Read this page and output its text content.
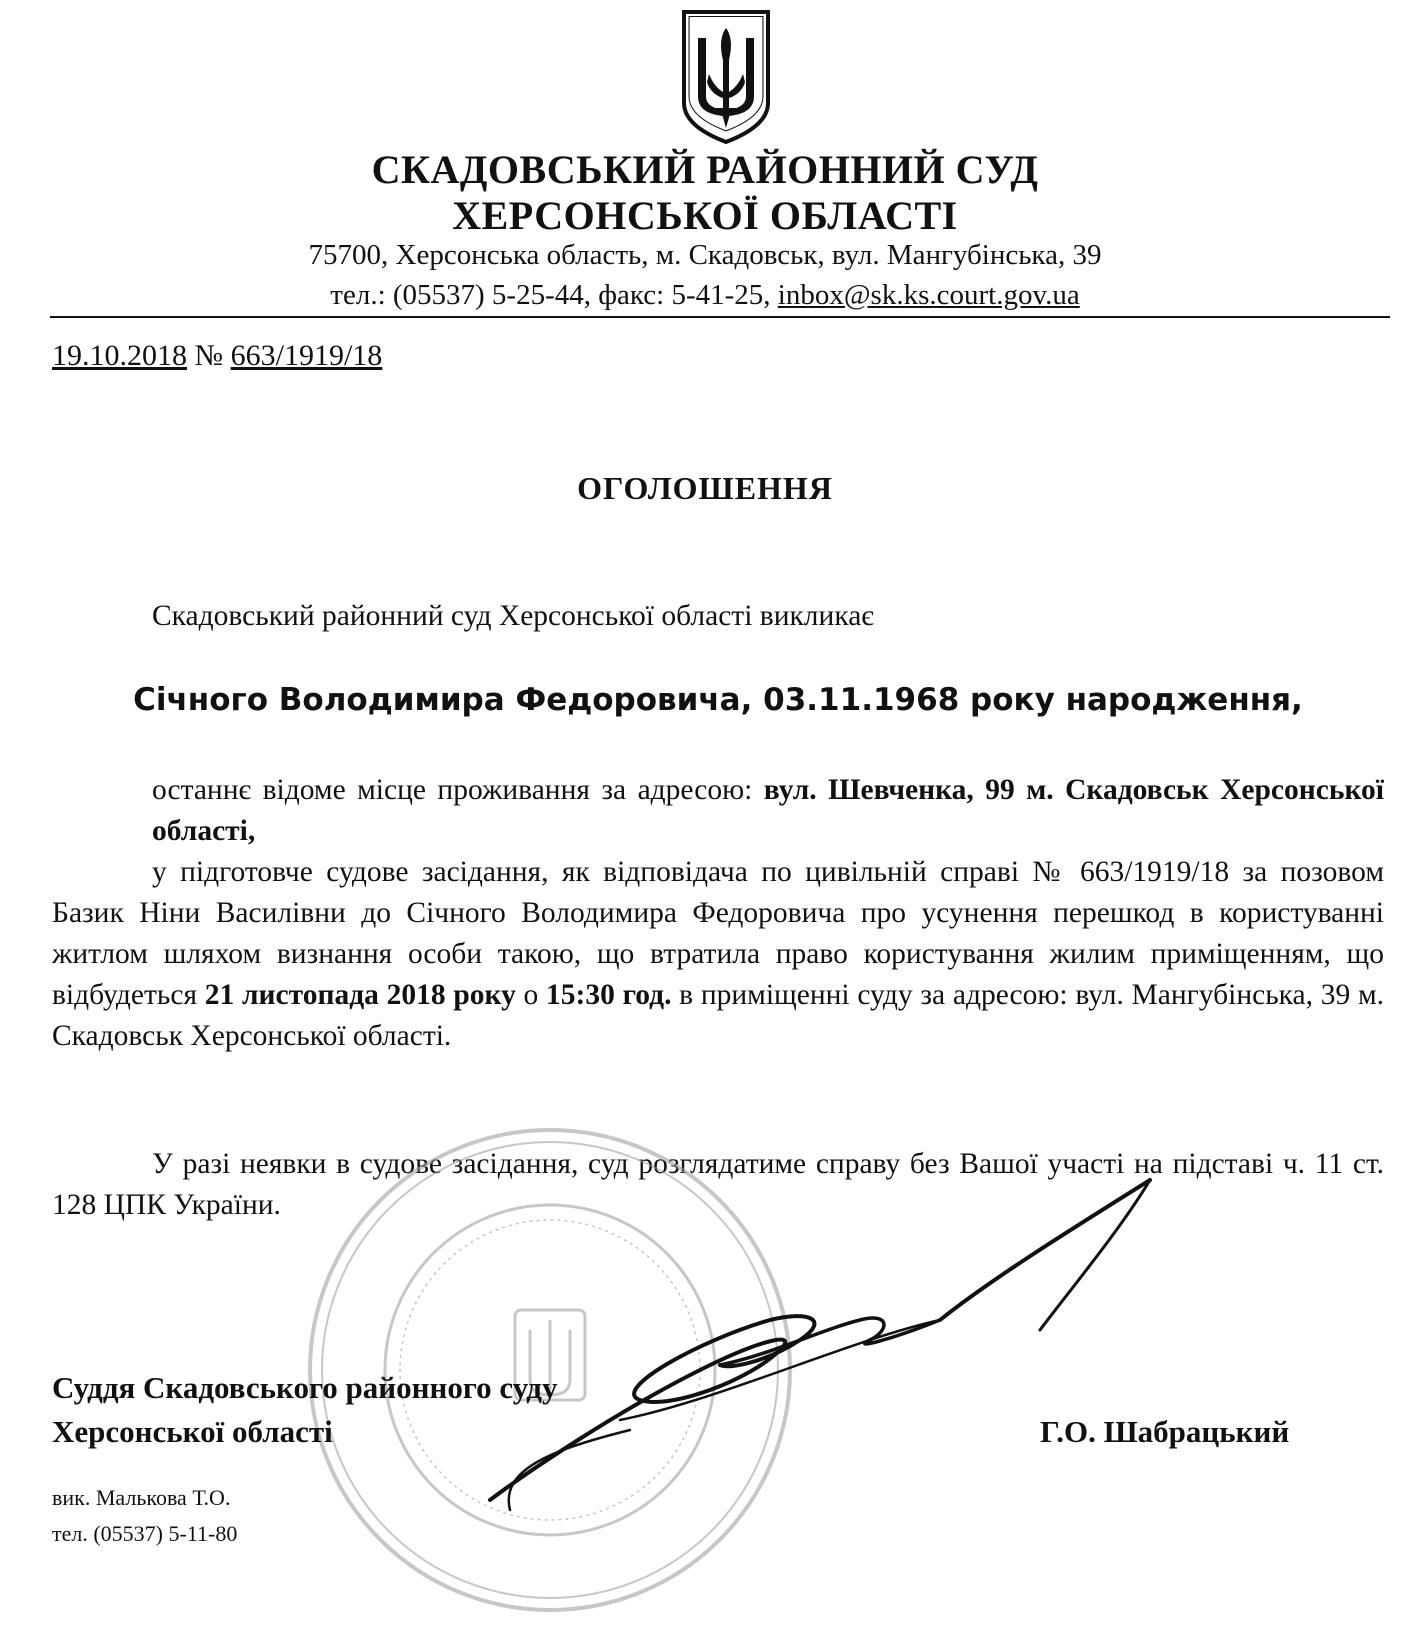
СКАДОВСЬКИЙ РАЙОННИЙ СУД
ХЕРСОНСЬКОЇ ОБЛАСТІ
75700, Херсонська область, м. Скадовськ, вул. Мангубінська, 39
тел.: (05537) 5-25-44, факс: 5-41-25, inbox@sk.ks.court.gov.ua
19.10.2018 № 663/1919/18
ОГОЛОШЕННЯ
Скадовський районний суд Херсонської області викликає
Січного Володимира Федоровича, 03.11.1968 року народження,
останнє відоме місце проживання за адресою: вул. Шевченка, 99 м. Скадовськ Херсонської області,
у підготовче судове засідання, як відповідача по цивільній справі № 663/1919/18 за позовом Базик Ніни Василівни до Січного Володимира Федоровича про усунення перешкод в користуванні житлом шляхом визнання особи такою, що втратила право користування жилим приміщенням, що відбудеться 21 листопада 2018 року о 15:30 год. в приміщенні суду за адресою: вул. Мангубінська, 39 м. Скадовськ Херсонської області.
У разі неявки в судове засідання, суд розглядатиме справу без Вашої участі на підставі ч. 11 ст. 128 ЦПК України.
Суддя Скадовського районного суду
Херсонської області	Г.О. Шабрацький
вик. Малькова Т.О.
тел. (05537) 5-11-80
